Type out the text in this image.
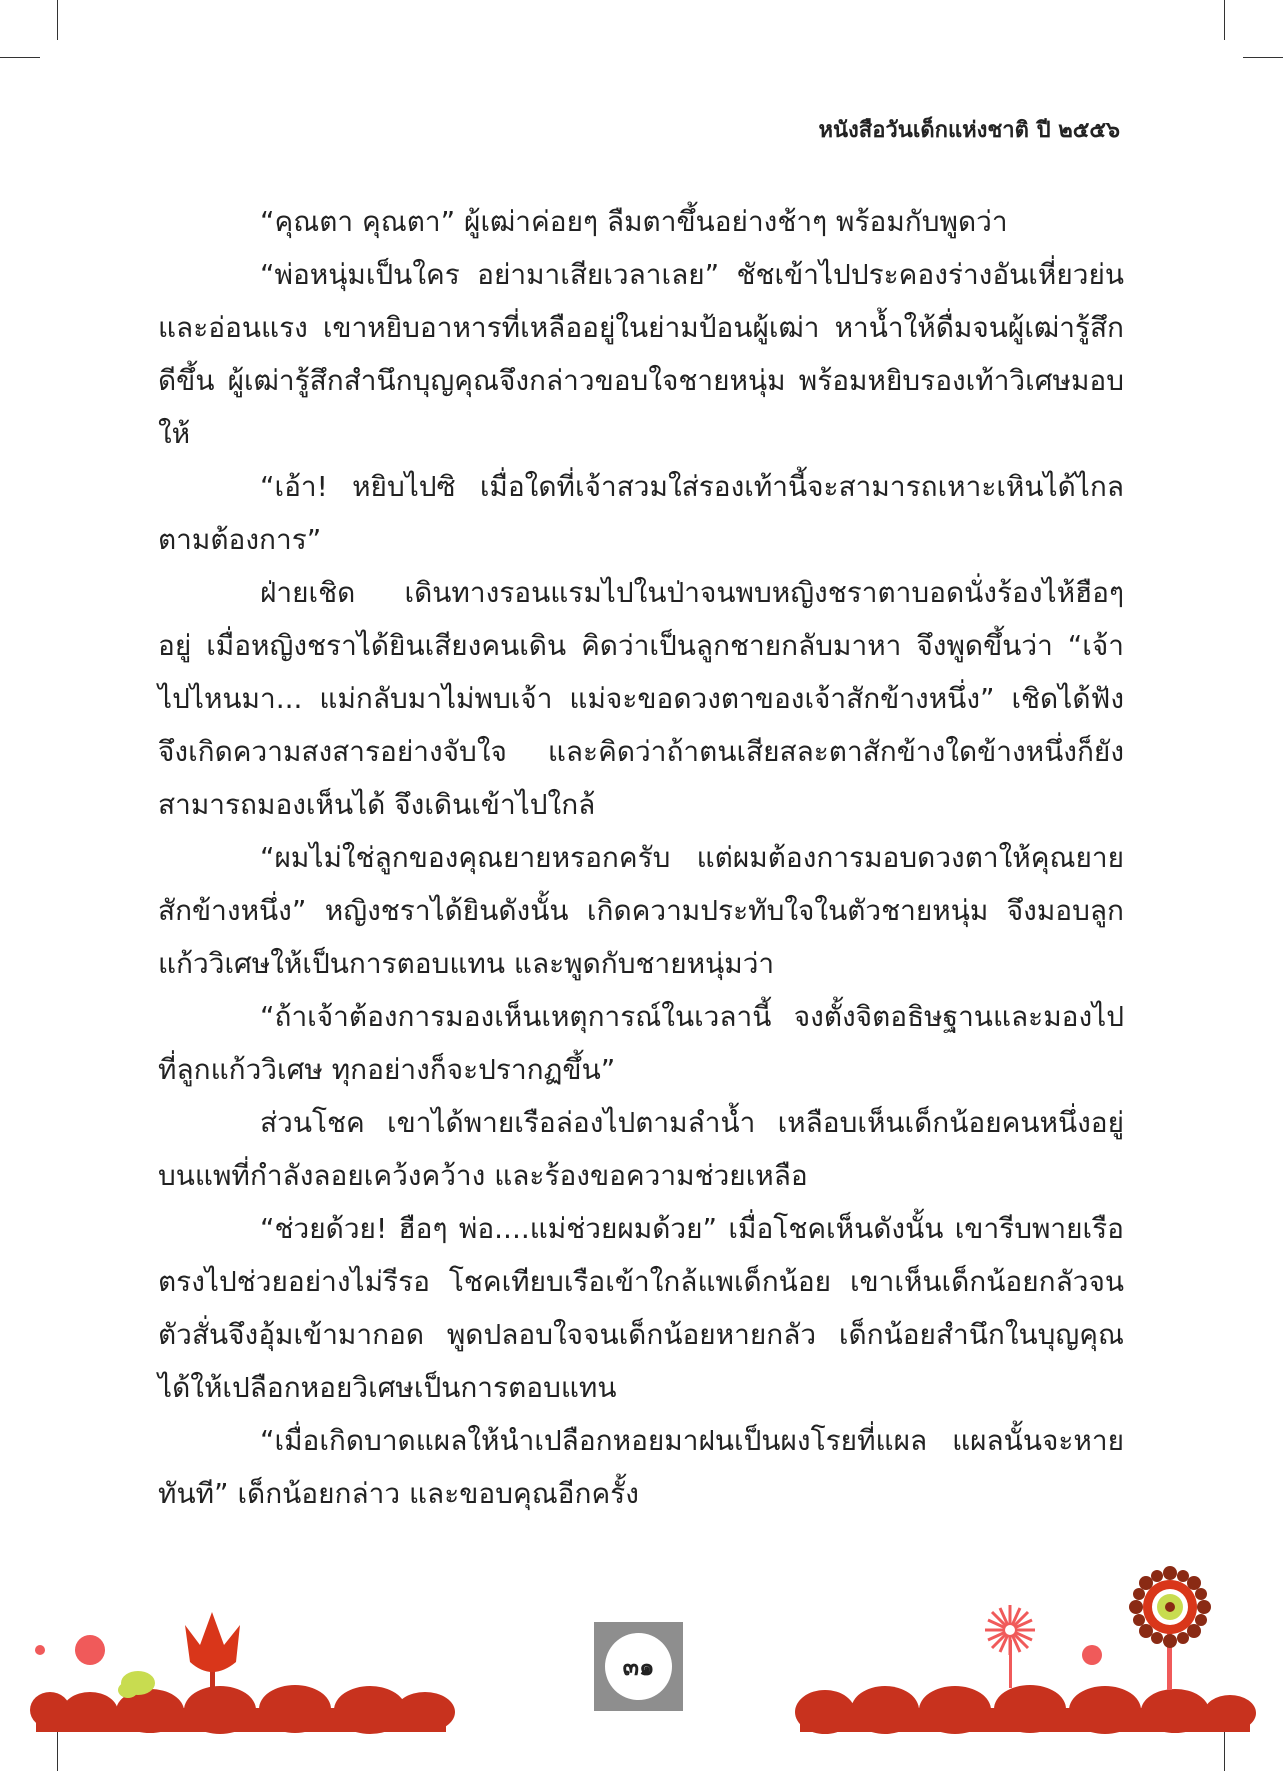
หนังสือวันเด็กแห่งชาติ ปี ๒๕๕๖

“คุณตา คุณตา” ผู้เฒ่าค่อยๆ ลืมตาขึ้นอย่างช้าๆ พร้อมกับพูดว่า

“พ่อหนุ่มเป็นใคร อย่ามาเสียเวลาเลย” ชัชเข้าไปประคองร่างอันเหี่ยวย่นและอ่อนแรง เขาหยิบอาหารที่เหลืออยู่ในย่ามป้อนผู้เฒ่า หาน้ำให้ดื่มจนผู้เฒ่ารู้สึกดีขึ้น ผู้เฒ่ารู้สึกสำนึกบุญคุณจึงกล่าวขอบใจชายหนุ่ม พร้อมหยิบรองเท้าวิเศษมอบให้

“เอ้า! หยิบไปซิ เมื่อใดที่เจ้าสวมใส่รองเท้านี้จะสามารถเหาะเหินได้ไกลตามต้องการ”

ฝ่ายเชิด เดินทางรอนแรมไปในป่าจนพบหญิงชราตาบอดนั่งร้องไห้ฮือๆ อยู่ เมื่อหญิงชราได้ยินเสียงคนเดิน คิดว่าเป็นลูกชายกลับมาหา จึงพูดขึ้นว่า “เจ้าไปไหนมา... แม่กลับมาไม่พบเจ้า แม่จะขอดวงตาของเจ้าสักข้างหนึ่ง” เชิดได้ฟังจึงเกิดความสงสารอย่างจับใจ และคิดว่าถ้าตนเสียสละตาสักข้างใดข้างหนึ่งก็ยังสามารถมองเห็นได้ จึงเดินเข้าไปใกล้

“ผมไม่ใช่ลูกของคุณยายหรอกครับ แต่ผมต้องการมอบดวงตาให้คุณยายสักข้างหนึ่ง” หญิงชราได้ยินดังนั้น เกิดความประทับใจในตัวชายหนุ่ม จึงมอบลูกแก้ววิเศษให้เป็นการตอบแทน และพูดกับชายหนุ่มว่า

“ถ้าเจ้าต้องการมองเห็นเหตุการณ์ในเวลานี้ จงตั้งจิตอธิษฐานและมองไปที่ลูกแก้ววิเศษ ทุกอย่างก็จะปรากฏขึ้น”

ส่วนโชค เขาได้พายเรือล่องไปตามลำน้ำ เหลือบเห็นเด็กน้อยคนหนึ่งอยู่บนแพที่กำลังลอยเคว้งคว้าง และร้องขอความช่วยเหลือ

“ช่วยด้วย! ฮือๆ พ่อ....แม่ช่วยผมด้วย” เมื่อโชคเห็นดังนั้น เขารีบพายเรือตรงไปช่วยอย่างไม่รีรอ โชคเทียบเรือเข้าใกล้แพเด็กน้อย เขาเห็นเด็กน้อยกลัวจนตัวสั่นจึงอุ้มเข้ามากอด พูดปลอบใจจนเด็กน้อยหายกลัว เด็กน้อยสำนึกในบุญคุณได้ให้เปลือกหอยวิเศษเป็นการตอบแทน

“เมื่อเกิดบาดแผลให้นำเปลือกหอยมาฝนเป็นผงโรยที่แผล แผลนั้นจะหายทันที” เด็กน้อยกล่าว และขอบคุณอีกครั้ง

๓๑
